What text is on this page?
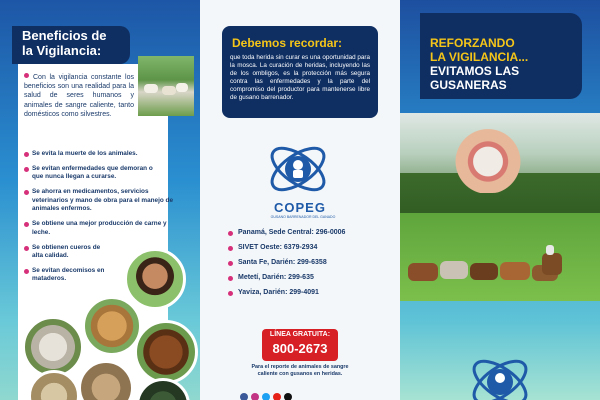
Beneficios de
la Vigilancia:
Con la vigilancia constante los beneficios son una realidad para la salud de seres humanos y animales de sangre caliente, tanto domésticos como silvestres.
Se evita la muerte de los animales.
Se evitan enfermedades que demoran o que nunca llegan a curarse.
Se ahorra en medicamentos, servicios veterinarios y mano de obra para el manejo de animales enfermos.
Se obtiene una mejor producción de carne y leche.
Se obtienen cueros de alta calidad.
Se evitan decomisos en mataderos.
Debemos recordar:
que toda herida sin curar es una oportunidad para la mosca. La curación de heridas, incluyendo las de los ombligos, es la protección más segura contra las enfermedades y la parte del compromiso del productor para mantenerse libre de gusano barrenador.
COPEG
GUSANO BARRENADOR DEL GANADO
Panamá, Sede Central: 296-0006
SIVET Oeste: 6379-2934
Santa Fe, Darién: 299-6358
Metetí, Darién: 299-635
Yaviza, Darién: 299-4091
LÍNEA GRATUITA:
800-2673
Para el reporte de animales de sangre caliente con gusanos en heridas.
REFORZANDO
LA VIGILANCIA...
EVITAMOS LAS
GUSANERAS
